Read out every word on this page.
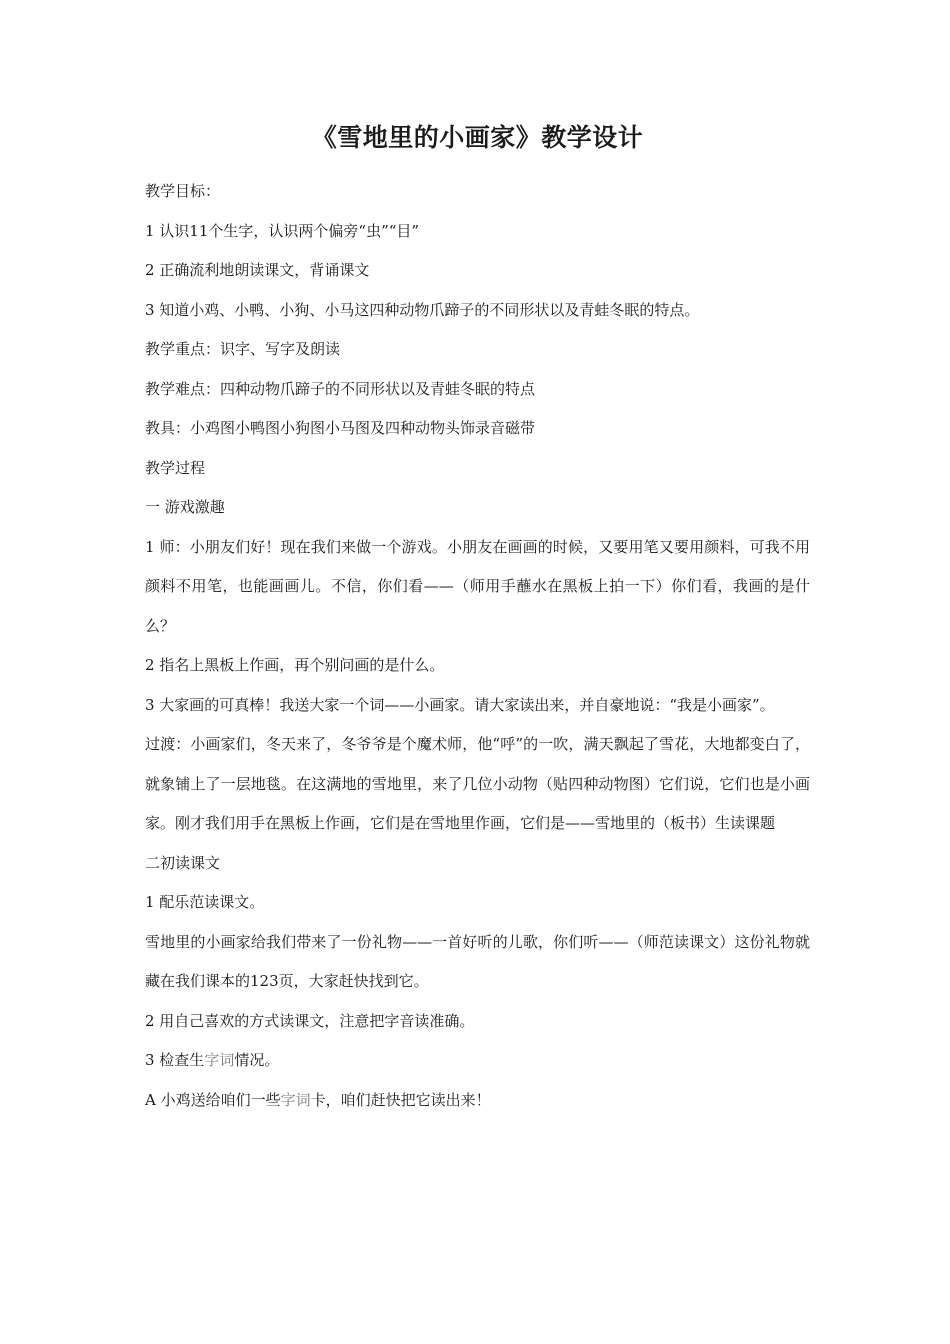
《雪地里的小画家》教学设计

教学目标：

1 认识11个生字，认识两个偏旁“虫”“目”

2 正确流利地朗读课文，背诵课文

3 知道小鸡、小鸭、小狗、小马这四种动物爪蹄子的不同形状以及青蛙冬眠的特点。

教学重点：识字、写字及朗读

教学难点：四种动物爪蹄子的不同形状以及青蛙冬眠的特点

教具：小鸡图小鸭图小狗图小马图及四种动物头饰录音磁带

教学过程

一 游戏激趣

1 师：小朋友们好！现在我们来做一个游戏。小朋友在画画的时候，又要用笔又要用颜料，可我不用颜料不用笔，也能画画儿。不信，你们看——（师用手蘸水在黑板上拍一下）你们看，我画的是什么？

2 指名上黑板上作画，再个别问画的是什么。

3 大家画的可真棒！我送大家一个词——小画家。请大家读出来，并自豪地说：“我是小画家”。

过渡：小画家们，冬天来了，冬爷爷是个魔术师，他“呼”的一吹，满天飘起了雪花，大地都变白了，就象铺上了一层地毯。在这满地的雪地里，来了几位小动物（贴四种动物图）它们说，它们也是小画家。刚才我们用手在黑板上作画，它们是在雪地里作画，它们是——雪地里的（板书）生读课题

二初读课文

1 配乐范读课文。

雪地里的小画家给我们带来了一份礼物——一首好听的儿歌，你们听——（师范读课文）这份礼物就藏在我们课本的123页，大家赶快找到它。

2 用自己喜欢的方式读课文，注意把字音读准确。

3 检查生字词情况。

A 小鸡送给咱们一些字词卡，咱们赶快把它读出来！
